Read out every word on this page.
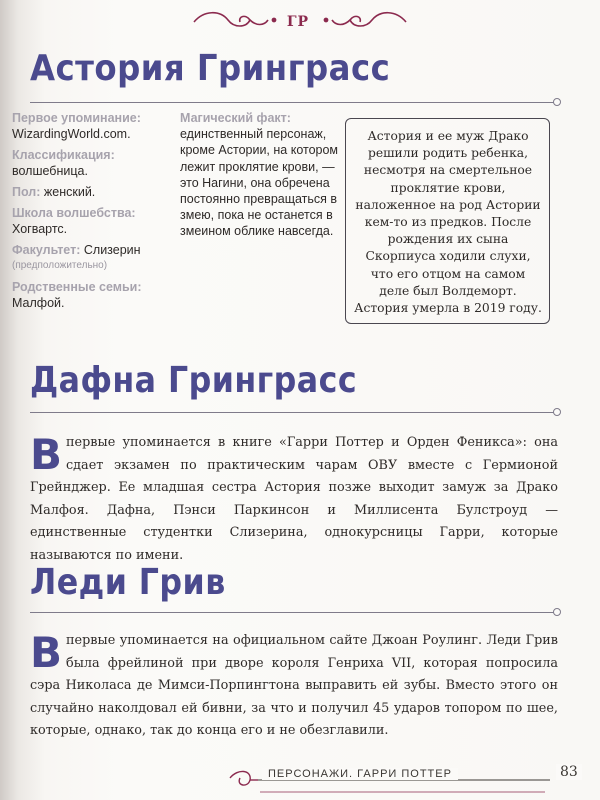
ГР
Астория Гринграсс
Первое упоминание:
WizardingWorld.com.
Классификация:
волшебница.
Пол: женский.
Школа волшебства:
Хогвартс.
Факультет: Слизерин
(предположительно)
Родственные семьи:
Малфой.
Магический факт:
единственный персонаж, кроме Астории, на котором лежит проклятие крови, — это Нагини, она обречена постоянно превращаться в змею, пока не останется в змеином облике навсегда.
Астория и ее муж Драко решили родить ребенка, несмотря на смертельное проклятие крови, наложенное на род Астории кем-то из предков. После рождения их сына Скорпиуса ходили слухи, что его отцом на самом деле был Волдеморт. Астория умерла в 2019 году.
Дафна Гринграсс
Впервые упоминается в книге «Гарри Поттер и Орден Феникса»: она сдает экзамен по практическим чарам ОВУ вместе с Гермионой Грейнджер. Ее младшая сестра Астория позже выходит замуж за Драко Малфоя. Дафна, Пэнси Паркинсон и Миллисента Булстроуд — единственные студентки Слизерина, однокурсницы Гарри, которые называются по имени.
Леди Грив
Впервые упоминается на официальном сайте Джоан Роулинг. Леди Грив была фрейлиной при дворе короля Генриха VII, которая попросила сэра Николаса де Мимси-Порпингтона выправить ей зубы. Вместо этого он случайно наколдовал ей бивни, за что и получил 45 ударов топором по шее, которые, однако, так до конца его и не обезглавили.
ПЕРСОНАЖИ. ГАРРИ ПОТТЕР	83
